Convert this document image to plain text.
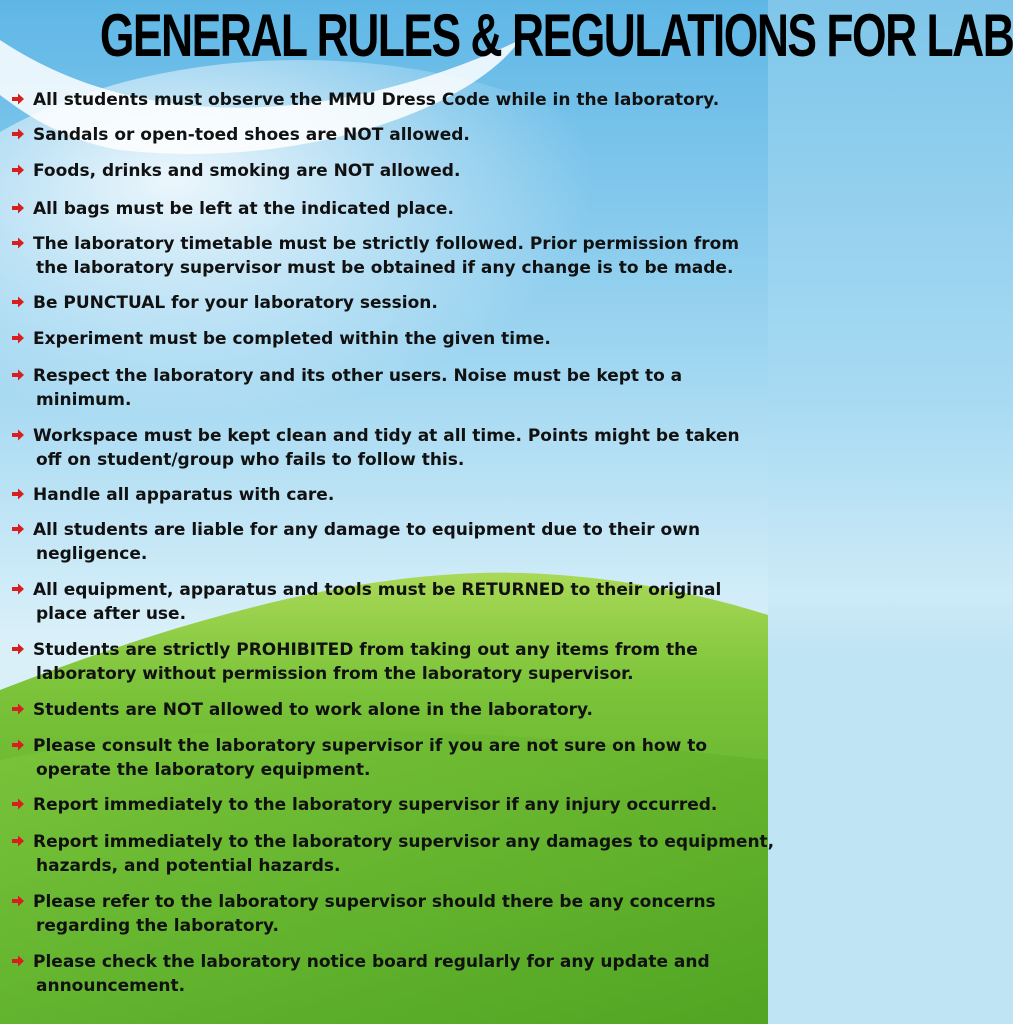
GENERAL RULES & REGULATIONS FOR LAB
All students must observe the MMU Dress Code while in the laboratory.
Sandals or open-toed shoes are NOT allowed.
Foods, drinks and smoking are NOT allowed.
All bags must be left at the indicated place.
The laboratory timetable must be strictly followed. Prior permission from
the laboratory supervisor must be obtained if any change is to be made.
Be PUNCTUAL for your laboratory session.
Experiment must be completed within the given time.
Respect the laboratory and its other users. Noise must be kept to a
minimum.
Workspace must be kept clean and tidy at all time. Points might be taken
off on student/group who fails to follow this.
Handle all apparatus with care.
All students are liable for any damage to equipment due to their own
negligence.
All equipment, apparatus and tools must be RETURNED to their original
place after use.
Students are strictly PROHIBITED from taking out any items from the
laboratory without permission from the laboratory supervisor.
Students are NOT allowed to work alone in the laboratory.
Please consult the laboratory supervisor if you are not sure on how to
operate the laboratory equipment.
Report immediately to the laboratory supervisor if any injury occurred.
Report immediately to the laboratory supervisor any damages to equipment,
hazards, and potential hazards.
Please refer to the laboratory supervisor should there be any concerns
regarding the laboratory.
Please check the laboratory notice board regularly for any update and
announcement.
